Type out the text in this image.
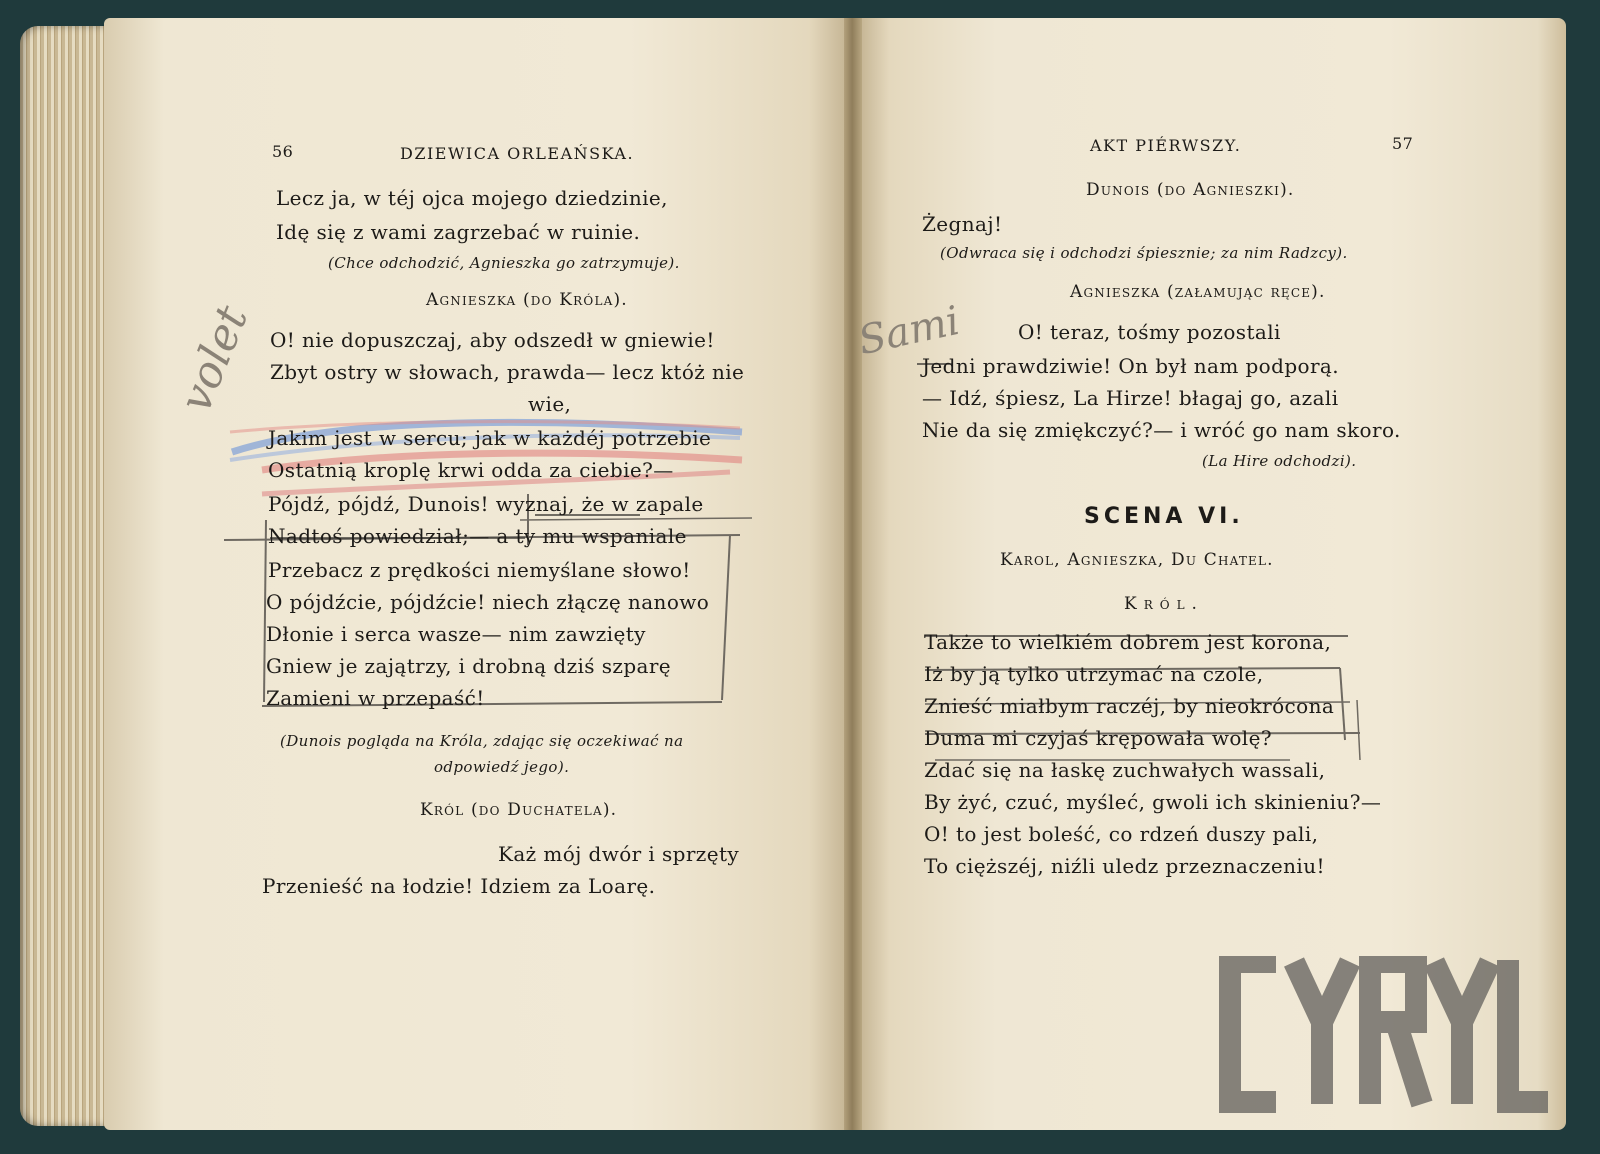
volet	Sami
56	DZIEWICA ORLEAŃSKA.
Lecz ja, w téj ojca mojego dziedzinie,
Idę się z wami zagrzebać w ruinie.
(Chce odchodzić, Agnieszka go zatrzymuje).
Agnieszka (do Króla).
O! nie dopuszczaj, aby odszedł w gniewie!
Zbyt ostry w słowach, prawda— lecz któż nie
wie,
Jakim jest w sercu; jak w każdéj potrzebie
Ostatnią kroplę krwi odda za ciebie?—
Pójdź, pójdź, Dunois! wyznaj, że w zapale
Nadtoś powiedział;— a ty mu wspaniale
Przebacz z prędkości niemyślane słowo!
O pójdźcie, pójdźcie! niech złączę nanowo
Dłonie i serca wasze— nim zawzięty
Gniew je zajątrzy, i drobną dziś szparę
Zamieni w przepaść!
(Dunois pogląda na Króla, zdając się oczekiwać na
odpowiedź jego).
Król (do Duchatela).
Każ mój dwór i sprzęty
Przenieść na łodzie! Idziem za Loarę.
AKT PIÉRWSZY.	57
Dunois (do Agnieszki).
Żegnaj!
(Odwraca się i odchodzi śpiesznie; za nim Radzcy).
Agnieszka (załamując ręce).
O! teraz, tośmy pozostali
Jedni prawdziwie! On był nam podporą.
— Idź, śpiesz, La Hirze! błagaj go, azali
Nie da się zmiękczyć?— i wróć go nam skoro.
(La Hire odchodzi).
SCENA VI.
Karol, Agnieszka, Du Chatel.
Król.
Także to wielkiém dobrem jest korona,
Iż by ją tylko utrzymać na czole,
Znieść miałbym raczéj, by nieokrócona
Duma mi czyjaś krępowała wolę?
Zdać się na łaskę zuchwałych wassali,
By żyć, czuć, myśleć, gwoli ich skinieniu?—
O! to jest boleść, co rdzeń duszy pali,
To cięższéj, niźli uledz przeznaczeniu!
